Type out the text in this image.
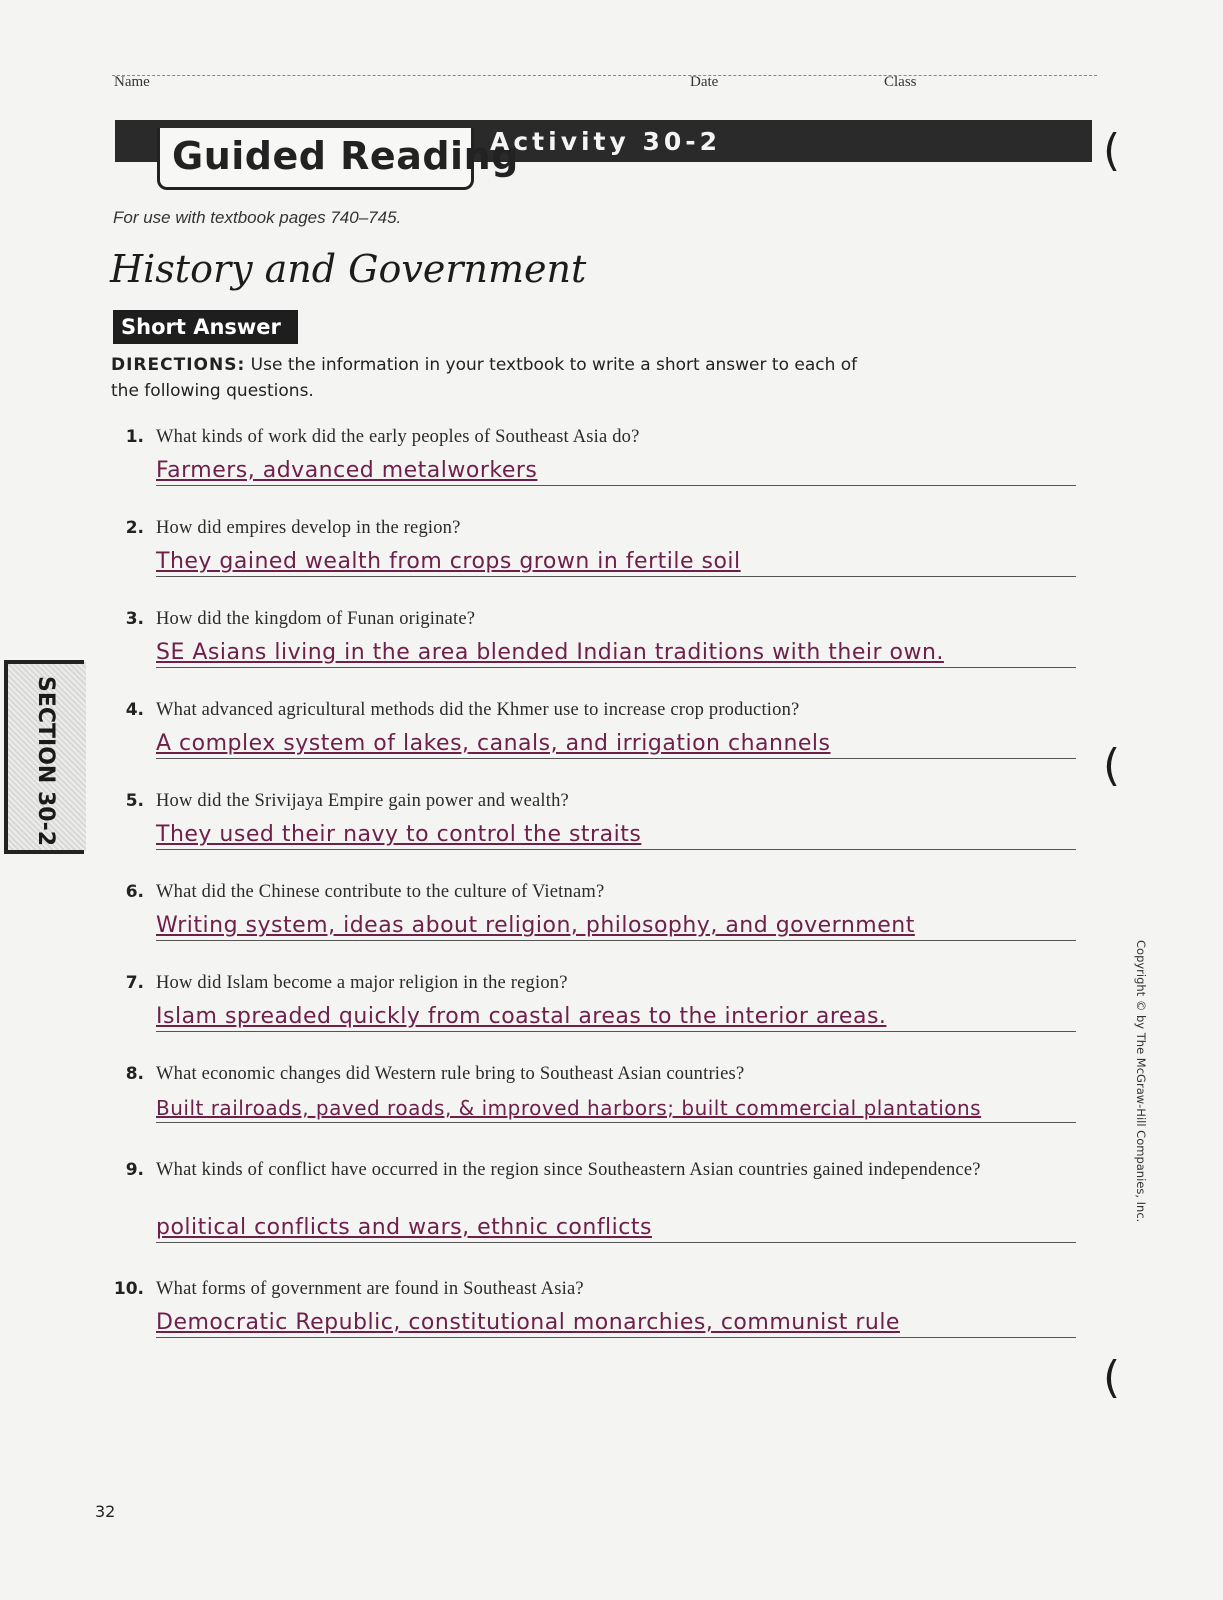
Name	Date	Class
Guided Reading
Activity 30-2
For use with textbook pages 740–745.
History and Government
Short Answer
DIRECTIONS: Use the information in your textbook to write a short answer to each of the following questions.
1. What kinds of work did the early peoples of Southeast Asia do?
Farmers, advanced metalworkers
2. How did empires develop in the region?
They gained wealth from crops grown in fertile soil
3. How did the kingdom of Funan originate?
SE Asians living in the area blended Indian traditions with their own.
4. What advanced agricultural methods did the Khmer use to increase crop production?
A complex system of lakes, canals, and irrigation channels
5. How did the Srivijaya Empire gain power and wealth?
They used their navy to control the straits
6. What did the Chinese contribute to the culture of Vietnam?
Writing system, ideas about religion, philosophy, and government
7. How did Islam become a major religion in the region?
Islam spreaded quickly from coastal areas to the interior areas.
8. What economic changes did Western rule bring to Southeast Asian countries?
Built railroads, paved roads, & improved harbors; built commercial plantations
9. What kinds of conflict have occurred in the region since Southeastern Asian countries gained independence?
political conflicts and wars, ethnic conflicts
10. What forms of government are found in Southeast Asia?
Democratic Republic, constitutional monarchies, communist rule
SECTION 30-2
Copyright © by The McGraw-Hill Companies, Inc.
(
(
(
32
